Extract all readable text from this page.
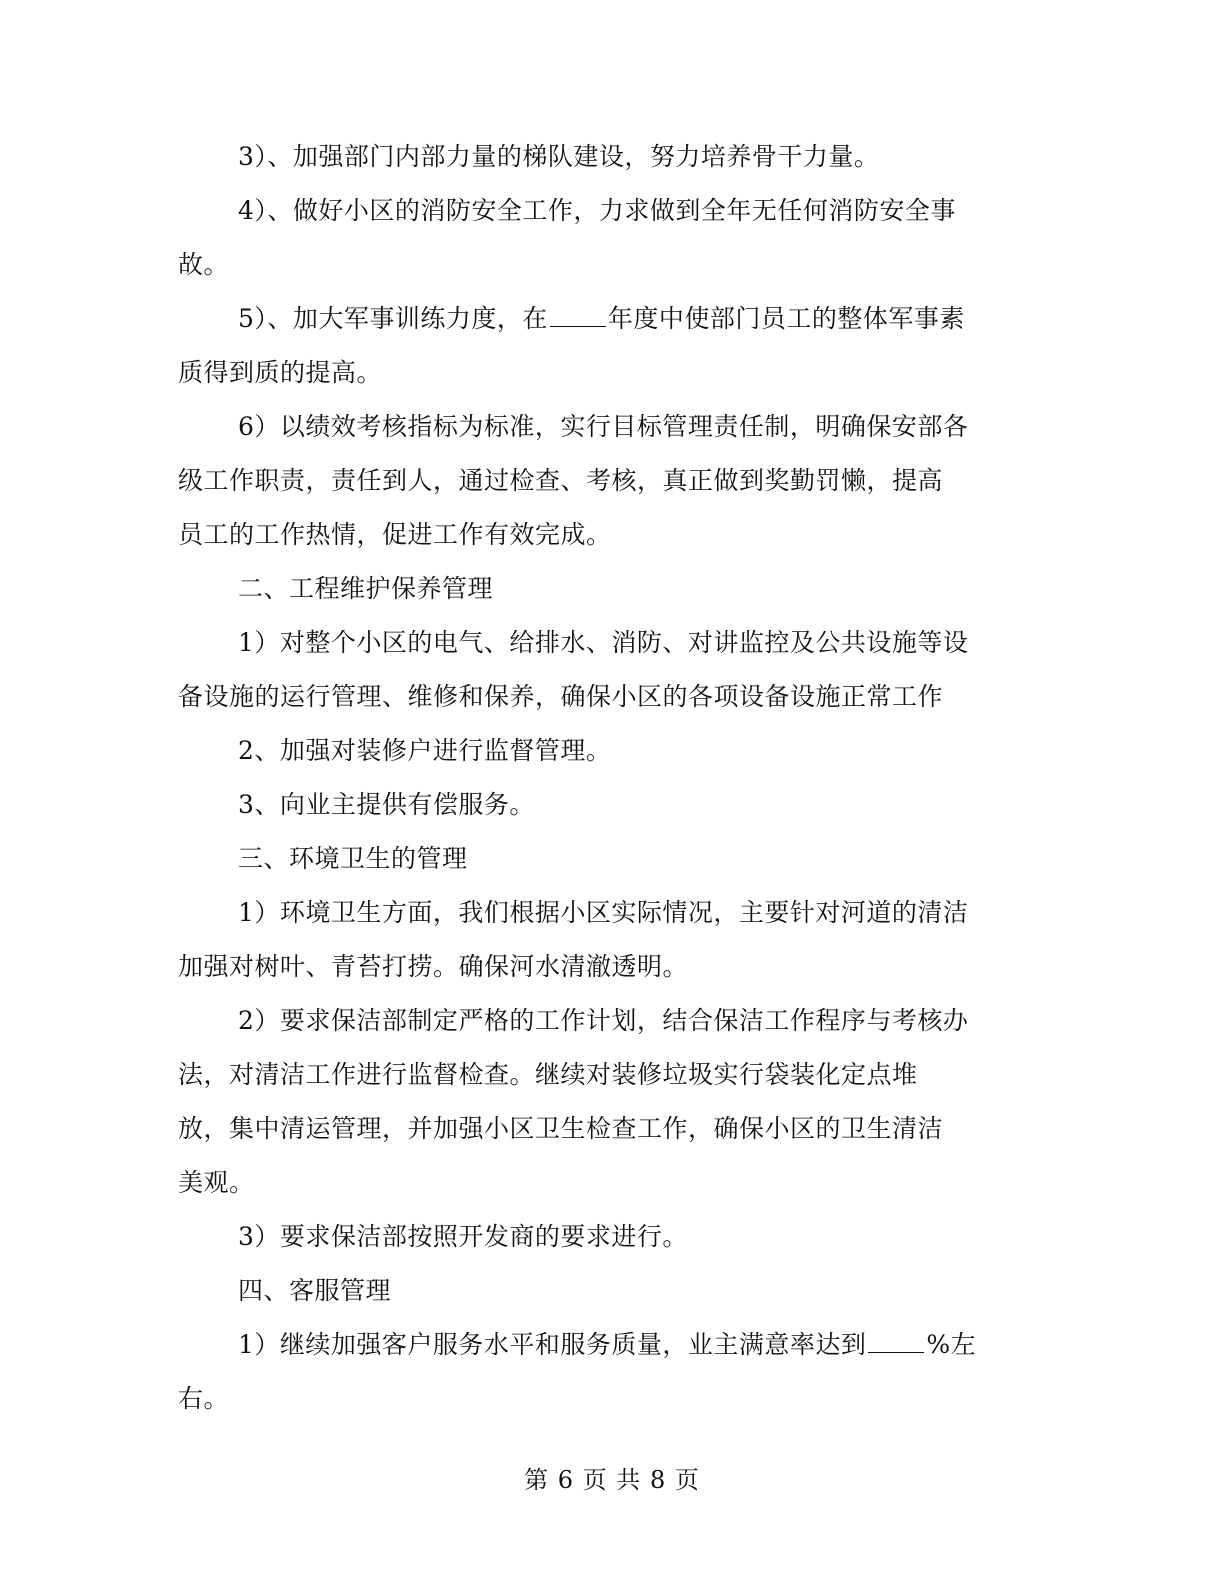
3）、加强部门内部力量的梯队建设，努力培养骨干力量。

4）、做好小区的消防安全工作，力求做到全年无任何消防安全事
故。

5）、加大军事训练力度，在 年度中使部门员工的整体军事素
质得到质的提高。

6）以绩效考核指标为标准，实行目标管理责任制，明确保安部各
级工作职责，责任到人，通过检查、考核，真正做到奖勤罚懒，提高
员工的工作热情，促进工作有效完成。

二、工程维护保养管理

1）对整个小区的电气、给排水、消防、对讲监控及公共设施等设
备设施的运行管理、维修和保养，确保小区的各项设备设施正常工作

2、加强对装修户进行监督管理。

3、向业主提供有偿服务。

三、环境卫生的管理

1）环境卫生方面，我们根据小区实际情况，主要针对河道的清洁
加强对树叶、青苔打捞。确保河水清澈透明。

2）要求保洁部制定严格的工作计划，结合保洁工作程序与考核办
法，对清洁工作进行监督检查。继续对装修垃圾实行袋装化定点堆
放，集中清运管理，并加强小区卫生检查工作，确保小区的卫生清洁
美观。

3）要求保洁部按照开发商的要求进行。

四、客服管理

1）继续加强客户服务水平和服务质量，业主满意率达到 %左
右。

第 6 页 共 8 页
